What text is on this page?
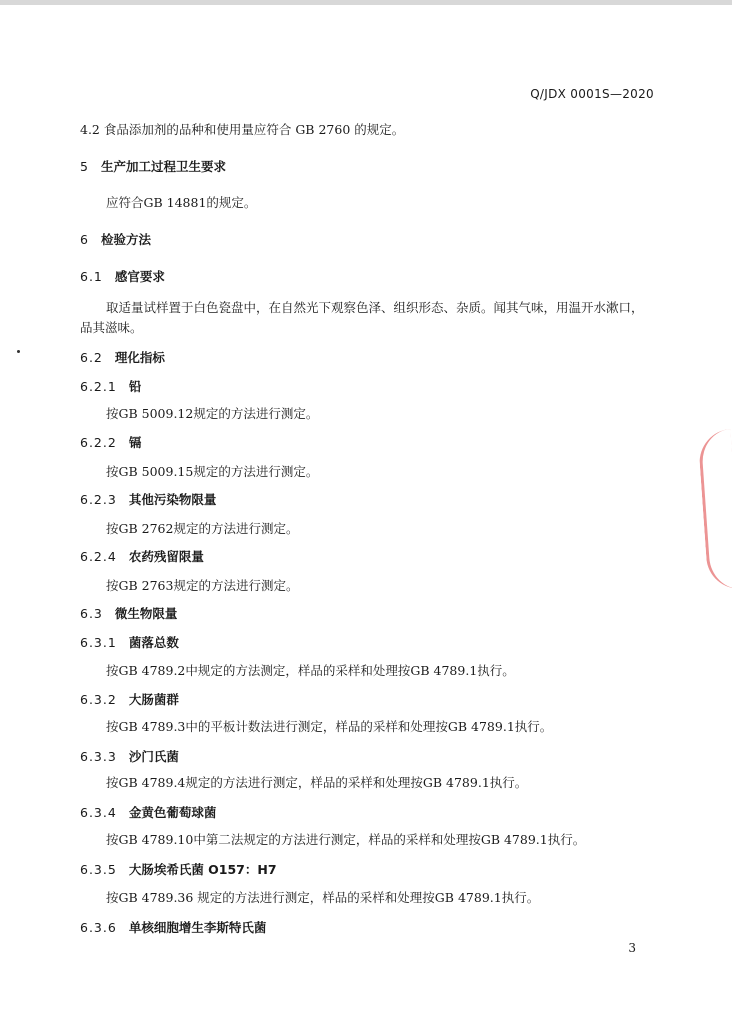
Q/JDX 0001S—2020
4.2 食品添加剂的品种和使用量应符合 GB 2760 的规定。
5 生产加工过程卫生要求
应符合GB 14881的规定。
6 检验方法
6.1 感官要求
取适量试样置于白色瓷盘中，在自然光下观察色泽、组织形态、杂质。闻其气味，用温开水漱口，
品其滋味。
6.2 理化指标
6.2.1 铅
按GB 5009.12规定的方法进行测定。
6.2.2 镉
按GB 5009.15规定的方法进行测定。
6.2.3 其他污染物限量
按GB 2762规定的方法进行测定。
6.2.4 农药残留限量
按GB 2763规定的方法进行测定。
6.3 微生物限量
6.3.1 菌落总数
按GB 4789.2中规定的方法测定，样品的采样和处理按GB 4789.1执行。
6.3.2 大肠菌群
按GB 4789.3中的平板计数法进行测定，样品的采样和处理按GB 4789.1执行。
6.3.3 沙门氏菌
按GB 4789.4规定的方法进行测定，样品的采样和处理按GB 4789.1执行。
6.3.4 金黄色葡萄球菌
按GB 4789.10中第二法规定的方法进行测定，样品的采样和处理按GB 4789.1执行。
6.3.5 大肠埃希氏菌 O157：H7
按GB 4789.36 规定的方法进行测定，样品的采样和处理按GB 4789.1执行。
6.3.6 单核细胞增生李斯特氏菌
3
